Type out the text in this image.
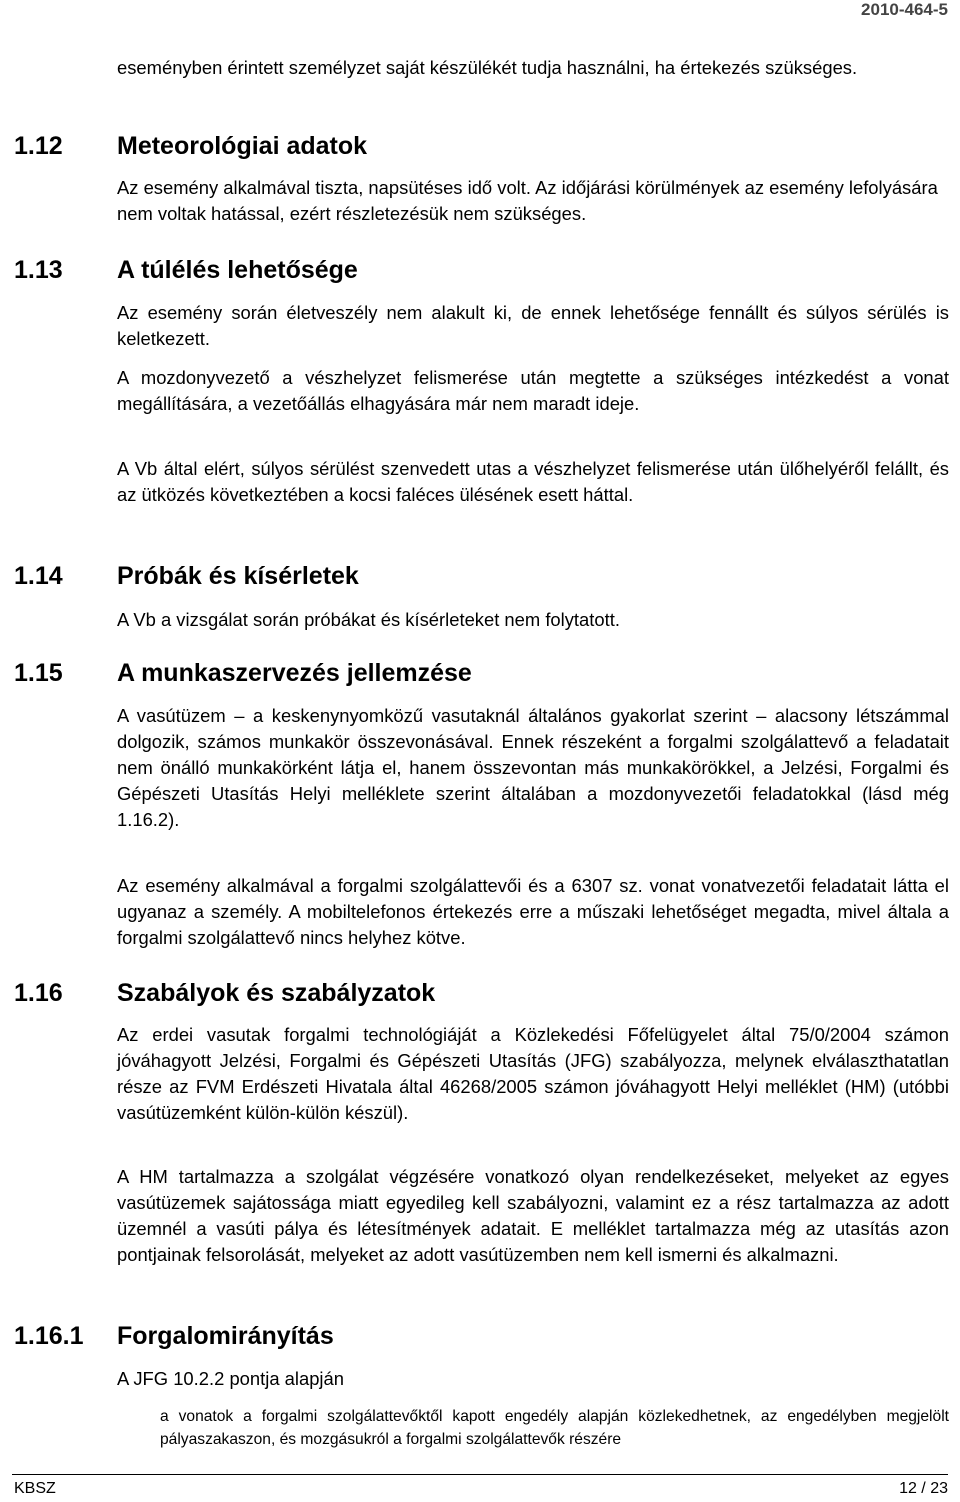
2010-464-5

eseményben érintett személyzet saját készülékét tudja használni, ha értekezés szükséges.

1.12 Meteorológiai adatok

Az esemény alkalmával tiszta, napsütéses idő volt. Az időjárási körülmények az esemény lefolyására nem voltak hatással, ezért részletezésük nem szükséges.

1.13 A túlélés lehetősége

Az esemény során életveszély nem alakult ki, de ennek lehetősége fennállt és súlyos sérülés is keletkezett.

A mozdonyvezető a vészhelyzet felismerése után megtette a szükséges intézkedést a vonat megállítására, a vezetőállás elhagyására már nem maradt ideje.

A Vb által elért, súlyos sérülést szenvedett utas a vészhelyzet felismerése után ülőhelyéről felállt, és az ütközés következtében a kocsi faléces ülésének esett háttal.

1.14 Próbák és kísérletek

A Vb a vizsgálat során próbákat és kísérleteket nem folytatott.

1.15 A munkaszervezés jellemzése

A vasútüzem – a keskenynyomközű vasutaknál általános gyakorlat szerint – alacsony létszámmal dolgozik, számos munkakör összevonásával. Ennek részeként a forgalmi szolgálattevő a feladatait nem önálló munkakörként látja el, hanem összevontan más munkakörökkel, a Jelzési, Forgalmi és Gépészeti Utasítás Helyi melléklete szerint általában a mozdonyvezetői feladatokkal (lásd még 1.16.2).

Az esemény alkalmával a forgalmi szolgálattevői és a 6307 sz. vonat vonatvezetői feladatait látta el ugyanaz a személy. A mobiltelefonos értekezés erre a műszaki lehetőséget megadta, mivel általa a forgalmi szolgálattevő nincs helyhez kötve.

1.16 Szabályok és szabályzatok

Az erdei vasutak forgalmi technológiáját a Közlekedési Főfelügyelet által 75/0/2004 számon jóváhagyott Jelzési, Forgalmi és Gépészeti Utasítás (JFG) szabályozza, melynek elválaszthatatlan része az FVM Erdészeti Hivatala által 46268/2005 számon jóváhagyott Helyi melléklet (HM) (utóbbi vasútüzemként külön-külön készül).

A HM tartalmazza a szolgálat végzésére vonatkozó olyan rendelkezéseket, melyeket az egyes vasútüzemek sajátossága miatt egyedileg kell szabályozni, valamint ez a rész tartalmazza az adott üzemnél a vasúti pálya és létesítmények adatait. E melléklet tartalmazza még az utasítás azon pontjainak felsorolását, melyeket az adott vasútüzemben nem kell ismerni és alkalmazni.

1.16.1 Forgalomirányítás

A JFG 10.2.2 pontja alapján

a vonatok a forgalmi szolgálattevőktől kapott engedély alapján közlekedhetnek, az engedélyben megjelölt pályaszakaszon, és mozgásukról a forgalmi szolgálattevők részére

KBSZ	12 / 23
